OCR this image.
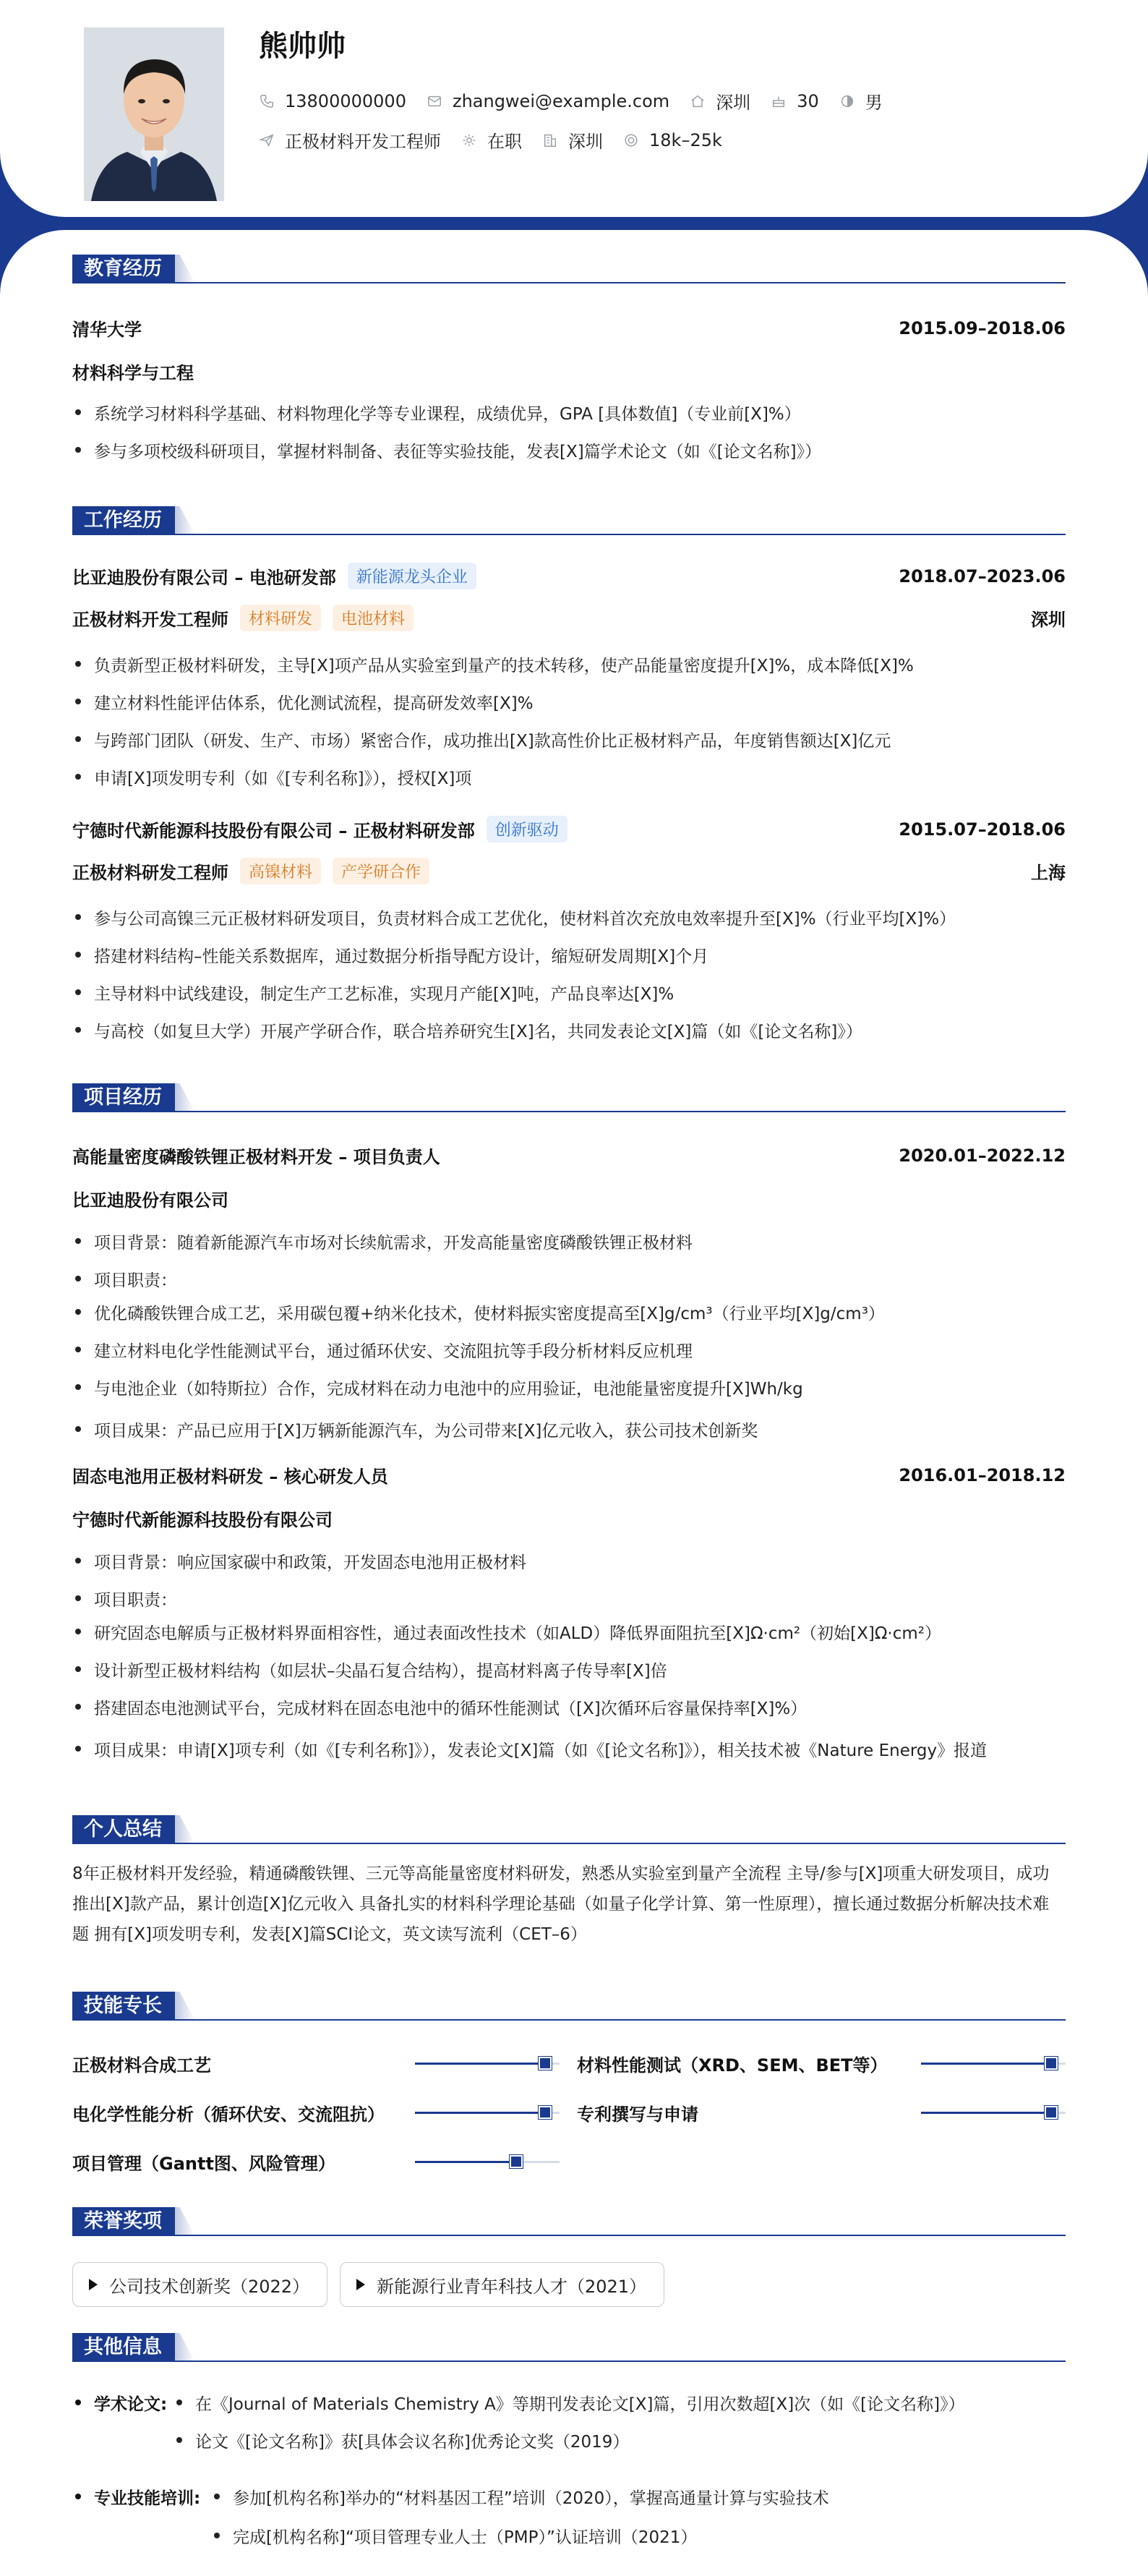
熊帅帅
13800000000	zhangwei@example.com	深圳	30	男
正极材料开发工程师	在职	深圳	18k–25k
教育经历
清华大学	2015.09–2018.06
材料科学与工程
系统学习材料科学基础、材料物理化学等专业课程，成绩优异，GPA [具体数值]（专业前[X]%）
参与多项校级科研项目，掌握材料制备、表征等实验技能，发表[X]篇学术论文（如《[论文名称]》）
工作经历
比亚迪股份有限公司 – 电池研发部	新能源龙头企业	2018.07–2023.06
正极材料开发工程师	材料研发	电池材料	深圳
负责新型正极材料研发，主导[X]项产品从实验室到量产的技术转移，使产品能量密度提升[X]%，成本降低[X]%
建立材料性能评估体系，优化测试流程，提高研发效率[X]%
与跨部门团队（研发、生产、市场）紧密合作，成功推出[X]款高性价比正极材料产品，年度销售额达[X]亿元
申请[X]项发明专利（如《[专利名称]》），授权[X]项
宁德时代新能源科技股份有限公司 – 正极材料研发部	创新驱动	2015.07–2018.06
正极材料研发工程师	高镍材料	产学研合作	上海
参与公司高镍三元正极材料研发项目，负责材料合成工艺优化，使材料首次充放电效率提升至[X]%（行业平均[X]%）
搭建材料结构–性能关系数据库，通过数据分析指导配方设计，缩短研发周期[X]个月
主导材料中试线建设，制定生产工艺标准，实现月产能[X]吨，产品良率达[X]%
与高校（如复旦大学）开展产学研合作，联合培养研究生[X]名，共同发表论文[X]篇（如《[论文名称]》）
项目经历
高能量密度磷酸铁锂正极材料开发 – 项目负责人	2020.01–2022.12
比亚迪股份有限公司
项目背景：随着新能源汽车市场对长续航需求，开发高能量密度磷酸铁锂正极材料
项目职责：
优化磷酸铁锂合成工艺，采用碳包覆+纳米化技术，使材料振实密度提高至[X]g/cm³（行业平均[X]g/cm³）
建立材料电化学性能测试平台，通过循环伏安、交流阻抗等手段分析材料反应机理
与电池企业（如特斯拉）合作，完成材料在动力电池中的应用验证，电池能量密度提升[X]Wh/kg
项目成果：产品已应用于[X]万辆新能源汽车，为公司带来[X]亿元收入，获公司技术创新奖
固态电池用正极材料研发 – 核心研发人员	2016.01–2018.12
宁德时代新能源科技股份有限公司
项目背景：响应国家碳中和政策，开发固态电池用正极材料
项目职责：
研究固态电解质与正极材料界面相容性，通过表面改性技术（如ALD）降低界面阻抗至[X]Ω·cm²（初始[X]Ω·cm²）
设计新型正极材料结构（如层状–尖晶石复合结构），提高材料离子传导率[X]倍
搭建固态电池测试平台，完成材料在固态电池中的循环性能测试（[X]次循环后容量保持率[X]%）
项目成果：申请[X]项专利（如《[专利名称]》），发表论文[X]篇（如《[论文名称]》），相关技术被《Nature Energy》报道
个人总结
8年正极材料开发经验，精通磷酸铁锂、三元等高能量密度材料研发，熟悉从实验室到量产全流程 主导/参与[X]项重大研发项目，成功推出[X]款产品，累计创造[X]亿元收入 具备扎实的材料科学理论基础（如量子化学计算、第一性原理），擅长通过数据分析解决技术难题 拥有[X]项发明专利，发表[X]篇SCI论文，英文读写流利（CET–6）
技能专长
正极材料合成工艺	材料性能测试（XRD、SEM、BET等）
电化学性能分析（循环伏安、交流阻抗）	专利撰写与申请
项目管理（Gantt图、风险管理）
荣誉奖项
公司技术创新奖（2022）	新能源行业青年科技人才（2021）
其他信息
学术论文:	在《Journal of Materials Chemistry A》等期刊发表论文[X]篇，引用次数超[X]次（如《[论文名称]》）
论文《[论文名称]》获[具体会议名称]优秀论文奖（2019）
专业技能培训:	参加[机构名称]举办的“材料基因工程”培训（2020），掌握高通量计算与实验技术
完成[机构名称]“项目管理专业人士（PMP）”认证培训（2021）
